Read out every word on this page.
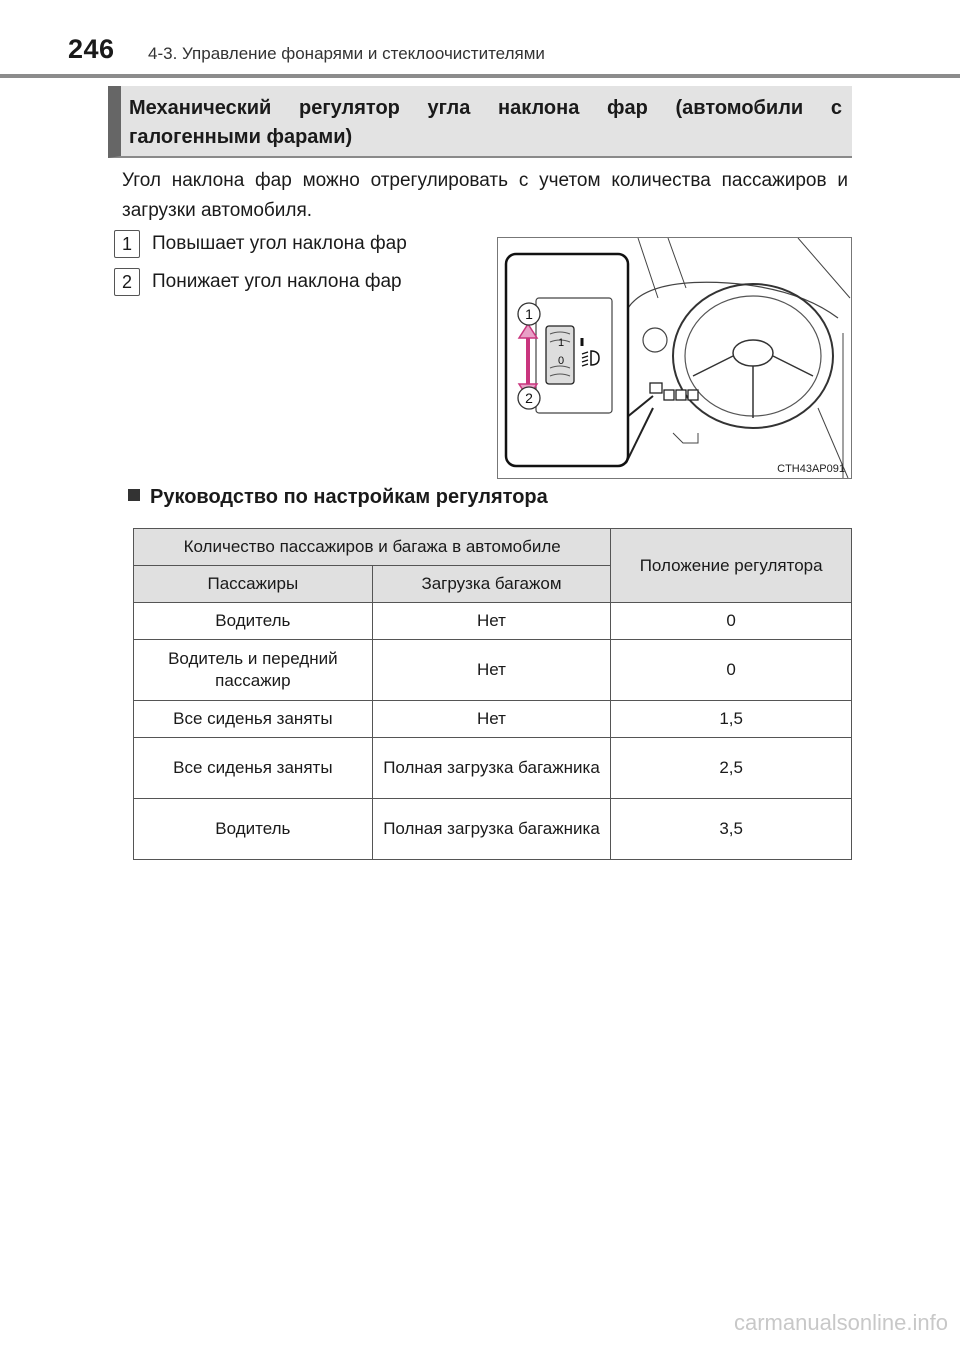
246 4-3. Управление фонарями и стеклоочистителями
Механический регулятор угла наклона фар (автомобили с галогенными фарами)
Угол наклона фар можно отрегулировать с учетом количества пассажиров и загрузки автомобиля.
1 Повышает угол наклона фар
2 Понижает угол наклона фар
1
0
1
2
CTH43AP091
Руководство по настройкам регулятора
Количество пассажиров и багажа в автомобиле		Положение регулятора
Пассажиры	Загрузка багажом	
Водитель	Нет	0
Водитель и передний пассажир	Нет	0
Все сиденья заняты	Нет	1,5
Все сиденья заняты	Полная загрузка багажника	2,5
Водитель	Полная загрузка багажника	3,5
carmanualsonline.info
